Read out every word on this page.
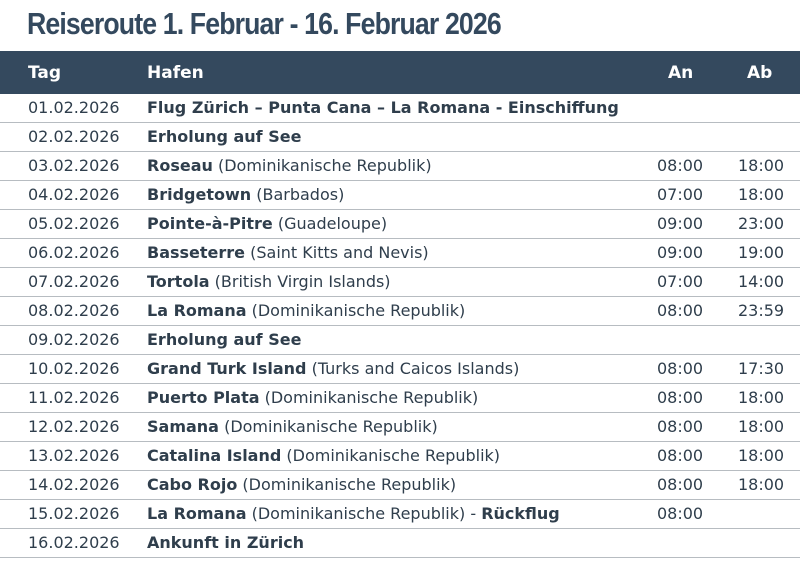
Reiseroute 1. Februar - 16. Februar 2026
Tag	Hafen	An	Ab
01.02.2026 Flug Zürich – Punta Cana – La Romana - Einschiffung
02.02.2026 Erholung auf See
03.02.2026 Roseau (Dominikanische Republik)	08:00 18:00
04.02.2026 Bridgetown (Barbados)	07:00 18:00
05.02.2026 Pointe-à-Pitre (Guadeloupe)	09:00 23:00
06.02.2026 Basseterre (Saint Kitts and Nevis)	09:00 19:00
07.02.2026 Tortola (British Virgin Islands)	07:00 14:00
08.02.2026 La Romana (Dominikanische Republik)	08:00 23:59
09.02.2026 Erholung auf See
10.02.2026 Grand Turk Island (Turks and Caicos Islands)	08:00 17:30
11.02.2026 Puerto Plata (Dominikanische Republik)	08:00 18:00
12.02.2026 Samana (Dominikanische Republik)	08:00 18:00
13.02.2026 Catalina Island (Dominikanische Republik)	08:00 18:00
14.02.2026 Cabo Rojo (Dominikanische Republik)	08:00 18:00
15.02.2026 La Romana (Dominikanische Republik) - Rückflug	08:00
16.02.2026 Ankunft in Zürich
